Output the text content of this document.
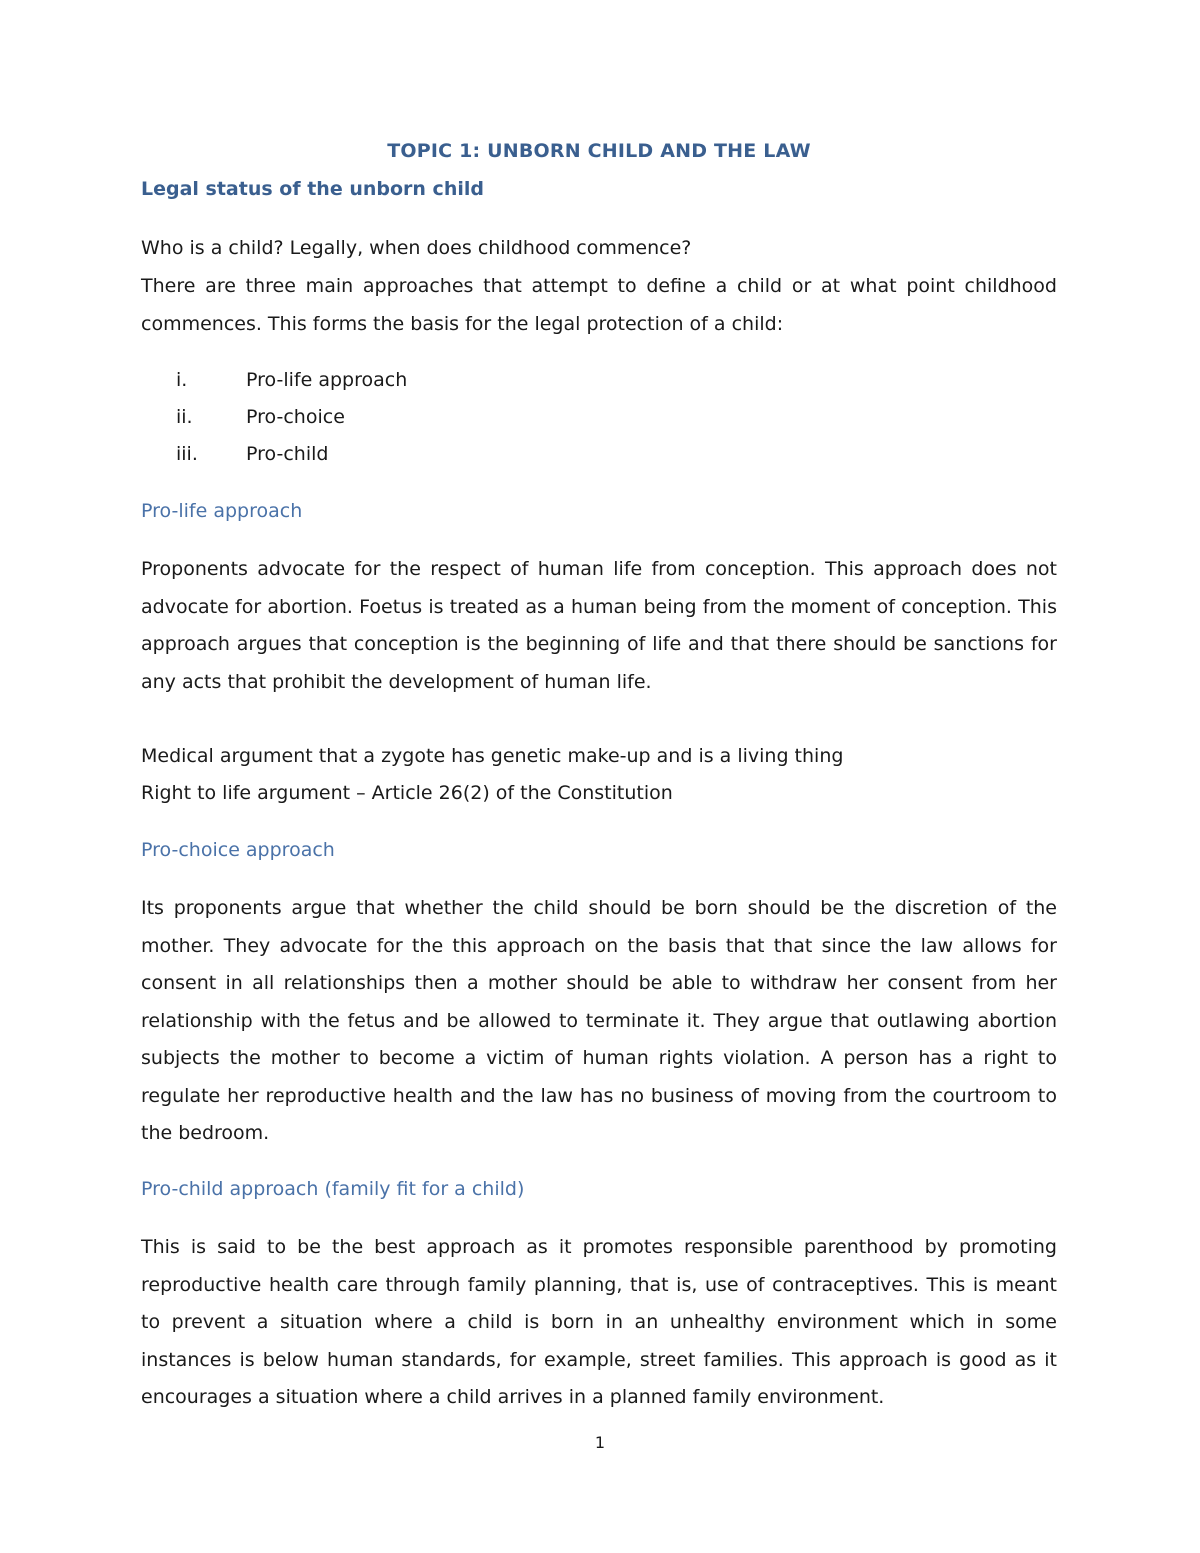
TOPIC 1: UNBORN CHILD AND THE LAW
Legal status of the unborn child
Who is a child? Legally, when does childhood commence?

There are three main approaches that attempt to define a child or at what point childhood commences. This forms the basis for the legal protection of a child:

i.	Pro-life approach
ii.	Pro-choice
iii.	Pro-child
Pro-life approach

Proponents advocate for the respect of human life from conception. This approach does not advocate for abortion. Foetus is treated as a human being from the moment of conception. This approach argues that conception is the beginning of life and that there should be sanctions for any acts that prohibit the development of human life.

Medical argument that a zygote has genetic make-up and is a living thing
Right to life argument – Article 26(2) of the Constitution
Pro-choice approach

Its proponents argue that whether the child should be born should be the discretion of the mother. They advocate for the this approach on the basis that that since the law allows for consent in all relationships then a mother should be able to withdraw her consent from her relationship with the fetus and be allowed to terminate it. They argue that outlawing abortion subjects the mother to become a victim of human rights violation. A person has a right to regulate her reproductive health and the law has no business of moving from the courtroom to the bedroom.

Pro-child approach (family fit for a child)

This is said to be the best approach as it promotes responsible parenthood by promoting reproductive health care through family planning, that is, use of contraceptives. This is meant to prevent a situation where a child is born in an unhealthy environment which in some instances is below human standards, for example, street families. This approach is good as it encourages a situation where a child arrives in a planned family environment.

1
